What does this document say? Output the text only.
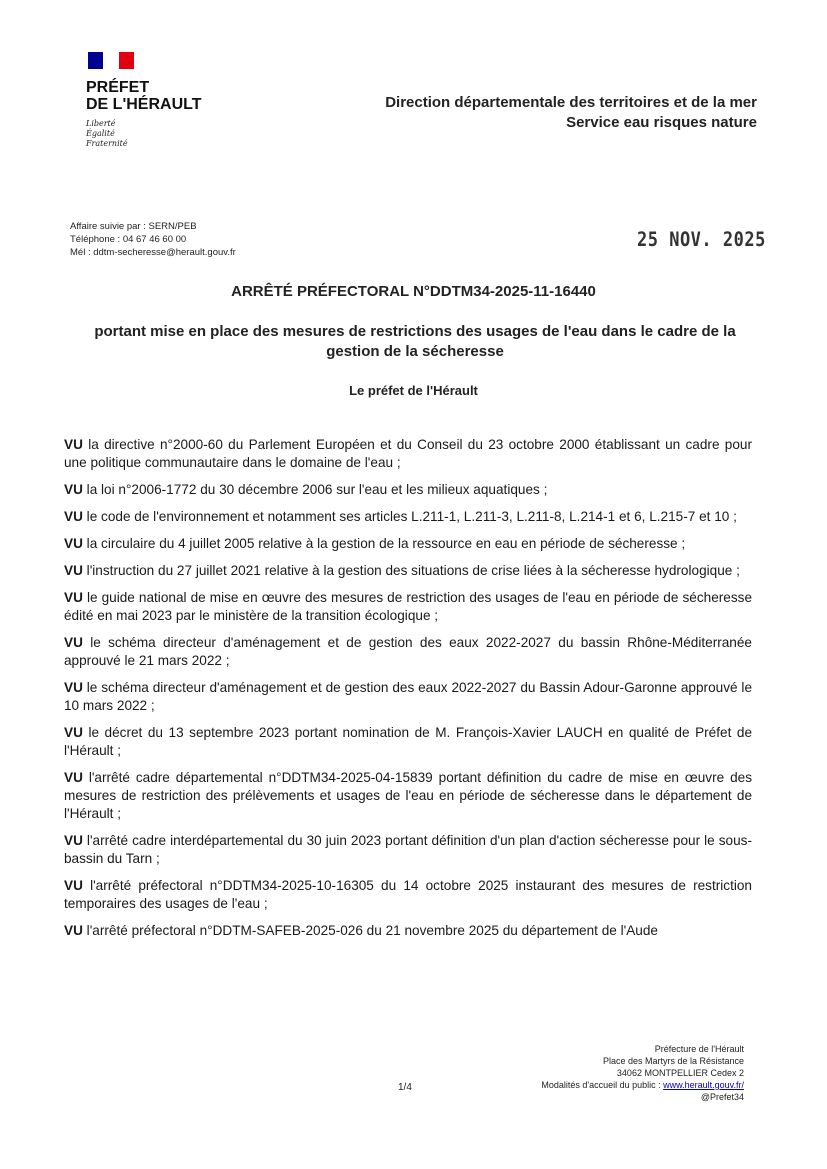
PRÉFET
DE L'HÉRAULT
Liberté
Égalité
Fraternité
Direction départementale des territoires et de la mer
Service eau risques nature
Affaire suivie par : SERN/PEB
Téléphone : 04 67 46 60 00
Mél : ddtm-secheresse@herault.gouv.fr
25 NOV. 2025
ARRÊTÉ PRÉFECTORAL N°DDTM34-2025-11-16440
portant mise en place des mesures de restrictions des usages de l'eau dans le cadre de la gestion de la sécheresse
Le préfet de l'Hérault
VU la directive n°2000-60 du Parlement Européen et du Conseil du 23 octobre 2000 établissant un cadre pour une politique communautaire dans le domaine de l'eau ;
VU la loi n°2006-1772 du 30 décembre 2006 sur l'eau et les milieux aquatiques ;
VU le code de l'environnement et notamment ses articles L.211-1, L.211-3, L.211-8, L.214-1 et 6, L.215-7 et 10 ;
VU la circulaire du 4 juillet 2005 relative à la gestion de la ressource en eau en période de sécheresse ;
VU l'instruction du 27 juillet 2021 relative à la gestion des situations de crise liées à la sécheresse hydrologique ;
VU le guide national de mise en œuvre des mesures de restriction des usages de l'eau en période de sécheresse édité en mai 2023 par le ministère de la transition écologique ;
VU le schéma directeur d'aménagement et de gestion des eaux 2022-2027 du bassin Rhône-Méditerranée approuvé le 21 mars 2022 ;
VU le schéma directeur d'aménagement et de gestion des eaux 2022-2027 du Bassin Adour-Garonne approuvé le 10 mars 2022 ;
VU le décret du 13 septembre 2023 portant nomination de M. François-Xavier LAUCH en qualité de Préfet de l'Hérault ;
VU l'arrêté cadre départemental n°DDTM34-2025-04-15839 portant définition du cadre de mise en œuvre des mesures de restriction des prélèvements et usages de l'eau en période de sécheresse dans le département de l'Hérault ;
VU l'arrêté cadre interdépartemental du 30 juin 2023 portant définition d'un plan d'action sécheresse pour le sous-bassin du Tarn ;
VU l'arrêté préfectoral n°DDTM34-2025-10-16305 du 14 octobre 2025 instaurant des mesures de restriction temporaires des usages de l'eau ;
VU l'arrêté préfectoral n°DDTM-SAFEB-2025-026 du 21 novembre 2025 du département de l'Aude
1/4
Préfecture de l'Hérault
Place des Martyrs de la Résistance
34062 MONTPELLIER Cedex 2
Modalités d'accueil du public : www.herault.gouv.fr/
@Prefet34
